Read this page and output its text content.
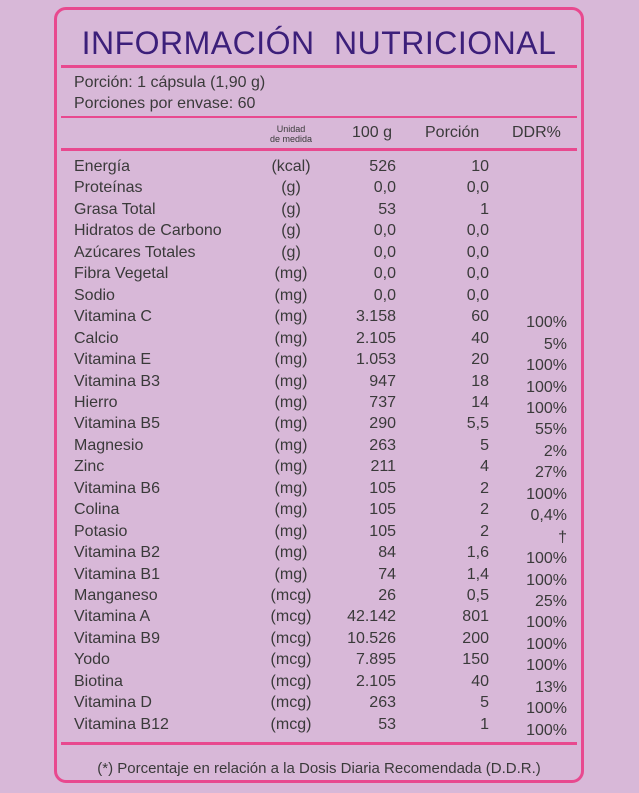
INFORMACIÓN NUTRICIONAL
Porción: 1 cápsula (1,90 g)
Porciones por envase: 60
Unidad
de medida	100 g Porción DDR%
Energía	(kcal)	526	10
Proteínas	(g)	0,0	0,0
Grasa Total	(g)	53	1
Hidratos de Carbono	(g)	0,0	0,0
Azúcares Totales	(g)	0,0	0,0
Fibra Vegetal	(mg)	0,0	0,0
Sodio	(mg)	0,0	0,0
Vitamina C	(mg)	3.158	60 100%
Calcio	(mg)	2.105	40	5%
Vitamina E	(mg)	1.053	20 100%
Vitamina B3	(mg)	947	18 100%
Hierro	(mg)	737	14 100%
Vitamina B5	(mg)	290	5,5	55%
Magnesio	(mg)	263	5	2%
Zinc	(mg)	211	4	27%
Vitamina B6	(mg)	105	2 100%
Colina	(mg)	105	2	0,4%
Potasio	(mg)	105	2	†
Vitamina B2	(mg)	84	1,6 100%
Vitamina B1	(mg)	74	1,4 100%
Manganeso	(mcg)	26	0,5	25%
Vitamina A	(mcg)	42.142	801 100%
Vitamina B9	(mcg)	10.526	200 100%
Yodo	(mcg)	7.895	150 100%
Biotina	(mcg)	2.105	40	13%
Vitamina D	(mcg)	263	5 100%
Vitamina B12	(mcg)	53	1 100%
(*) Porcentaje en relación a la Dosis Diaria Recomendada (D.D.R.)
